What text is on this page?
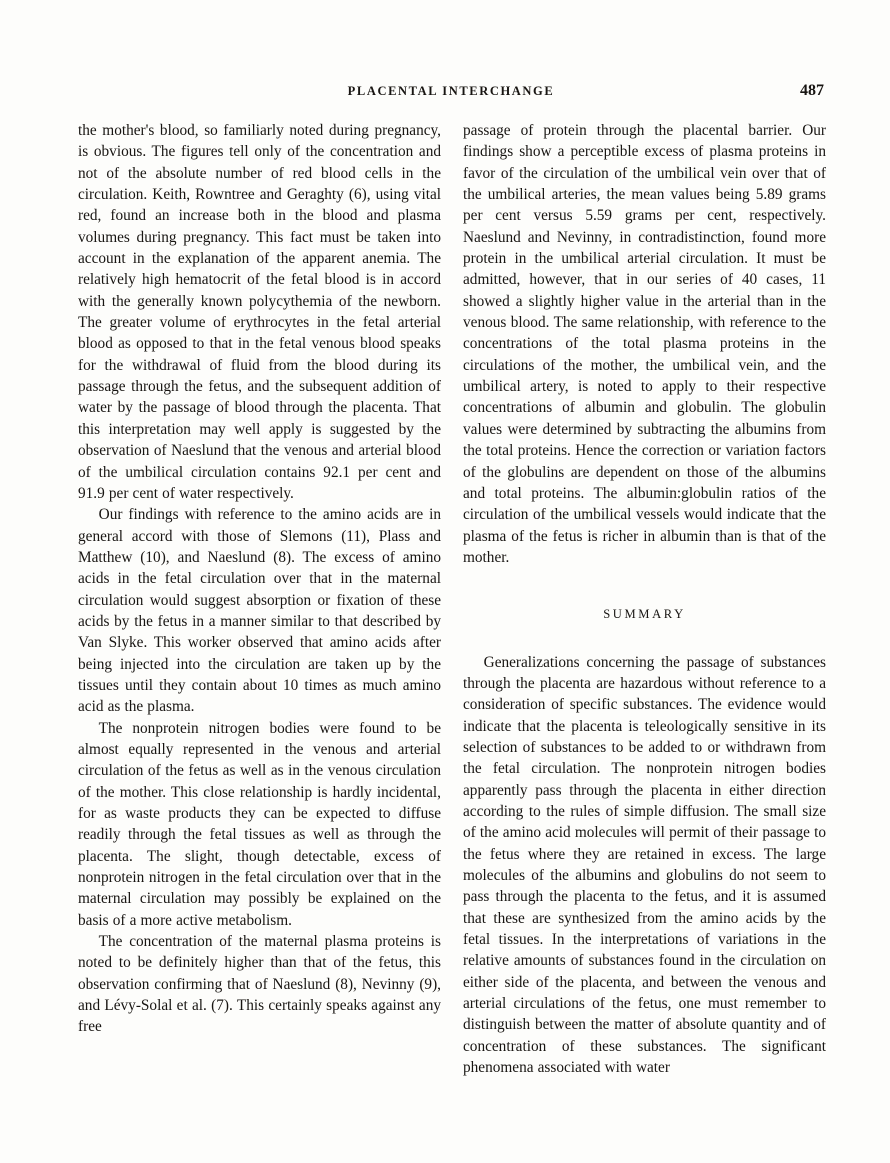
PLACENTAL INTERCHANGE	487

the mother's blood, so familiarly noted during pregnancy, is obvious. The figures tell only of the concentration and not of the absolute number of red blood cells in the circulation. Keith, Rowntree and Geraghty (6), using vital red, found an increase both in the blood and plasma volumes during pregnancy. This fact must be taken into account in the explanation of the apparent anemia. The relatively high hematocrit of the fetal blood is in accord with the generally known polycythemia of the newborn. The greater volume of erythrocytes in the fetal arterial blood as opposed to that in the fetal venous blood speaks for the withdrawal of fluid from the blood during its passage through the fetus, and the subsequent addition of water by the passage of blood through the placenta. That this interpretation may well apply is suggested by the observation of Naeslund that the venous and arterial blood of the umbilical circulation contains 92.1 per cent and 91.9 per cent of water respectively.

Our findings with reference to the amino acids are in general accord with those of Slemons (11), Plass and Matthew (10), and Naeslund (8). The excess of amino acids in the fetal circulation over that in the maternal circulation would suggest absorption or fixation of these acids by the fetus in a manner similar to that described by Van Slyke. This worker observed that amino acids after being injected into the circulation are taken up by the tissues until they contain about 10 times as much amino acid as the plasma.

The nonprotein nitrogen bodies were found to be almost equally represented in the venous and arterial circulation of the fetus as well as in the venous circulation of the mother. This close relationship is hardly incidental, for as waste products they can be expected to diffuse readily through the fetal tissues as well as through the placenta. The slight, though detectable, excess of nonprotein nitrogen in the fetal circulation over that in the maternal circulation may possibly be explained on the basis of a more active metabolism.

The concentration of the maternal plasma proteins is noted to be definitely higher than that of the fetus, this observation confirming that of Naeslund (8), Nevinny (9), and Lévy-Solal et al. (7). This certainly speaks against any free

passage of protein through the placental barrier. Our findings show a perceptible excess of plasma proteins in favor of the circulation of the umbilical vein over that of the umbilical arteries, the mean values being 5.89 grams per cent versus 5.59 grams per cent, respectively. Naeslund and Nevinny, in contradistinction, found more protein in the umbilical arterial circulation. It must be admitted, however, that in our series of 40 cases, 11 showed a slightly higher value in the arterial than in the venous blood. The same relationship, with reference to the concentrations of the total plasma proteins in the circulations of the mother, the umbilical vein, and the umbilical artery, is noted to apply to their respective concentrations of albumin and globulin. The globulin values were determined by subtracting the albumins from the total proteins. Hence the correction or variation factors of the globulins are dependent on those of the albumins and total proteins. The albumin:globulin ratios of the circulation of the umbilical vessels would indicate that the plasma of the fetus is richer in albumin than is that of the mother.

SUMMARY

Generalizations concerning the passage of substances through the placenta are hazardous without reference to a consideration of specific substances. The evidence would indicate that the placenta is teleologically sensitive in its selection of substances to be added to or withdrawn from the fetal circulation. The nonprotein nitrogen bodies apparently pass through the placenta in either direction according to the rules of simple diffusion. The small size of the amino acid molecules will permit of their passage to the fetus where they are retained in excess. The large molecules of the albumins and globulins do not seem to pass through the placenta to the fetus, and it is assumed that these are synthesized from the amino acids by the fetal tissues. In the interpretations of variations in the relative amounts of substances found in the circulation on either side of the placenta, and between the venous and arterial circulations of the fetus, one must remember to distinguish between the matter of absolute quantity and of concentration of these substances. The significant phenomena associated with water
